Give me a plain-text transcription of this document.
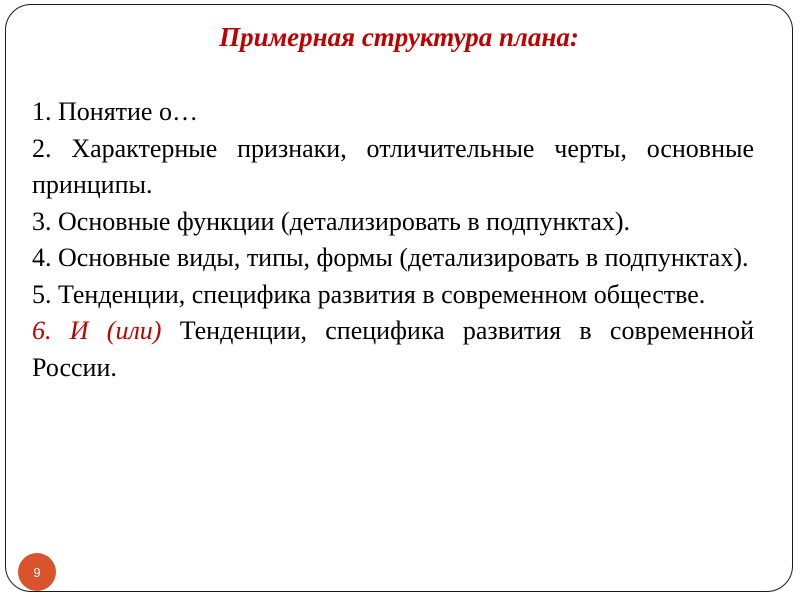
Примерная структура плана:

1. Понятие о…

2. Характерные признаки, отличительные черты, основные принципы.

3. Основные функции (детализировать в подпунктах).

4. Основные виды, типы, формы (детализировать в подпунктах).

5. Тенденции, специфика развития в современном обществе.

6. И (или) Тенденции, специфика развития в современной России.

9
